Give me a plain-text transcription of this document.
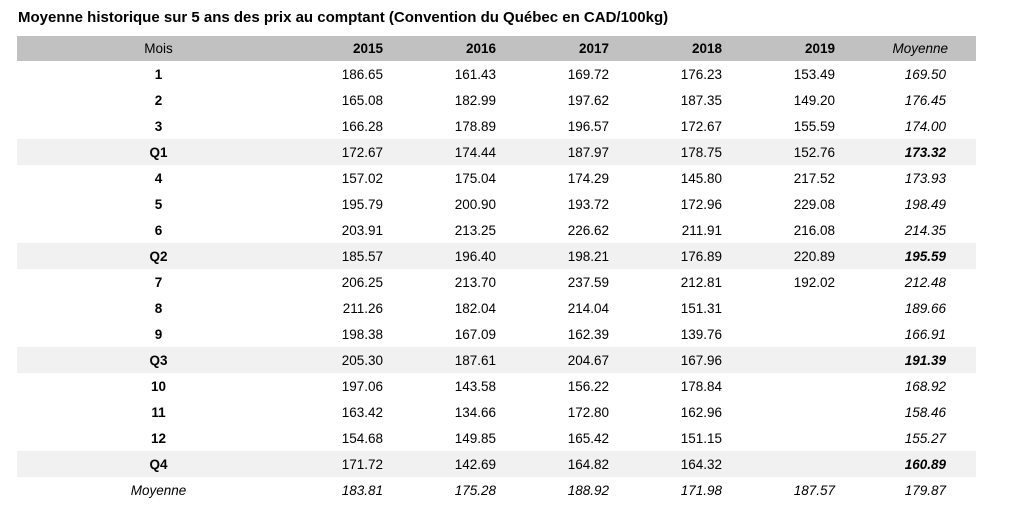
Moyenne historique sur 5 ans des prix au comptant (Convention du Québec en CAD/100kg)
Mois	2015	2016	2017	2018	2019	Moyenne
1	186.65	161.43	169.72	176.23	153.49	169.50
2	165.08	182.99	197.62	187.35	149.20	176.45
3	166.28	178.89	196.57	172.67	155.59	174.00
Q1	172.67	174.44	187.97	178.75	152.76	173.32
4	157.02	175.04	174.29	145.80	217.52	173.93
5	195.79	200.90	193.72	172.96	229.08	198.49
6	203.91	213.25	226.62	211.91	216.08	214.35
Q2	185.57	196.40	198.21	176.89	220.89	195.59
7	206.25	213.70	237.59	212.81	192.02	212.48
8	211.26	182.04	214.04	151.31		189.66
9	198.38	167.09	162.39	139.76		166.91
Q3	205.30	187.61	204.67	167.96		191.39
10	197.06	143.58	156.22	178.84		168.92
11	163.42	134.66	172.80	162.96		158.46
12	154.68	149.85	165.42	151.15		155.27
Q4	171.72	142.69	164.82	164.32		160.89
Moyenne	183.81	175.28	188.92	171.98	187.57	179.87
